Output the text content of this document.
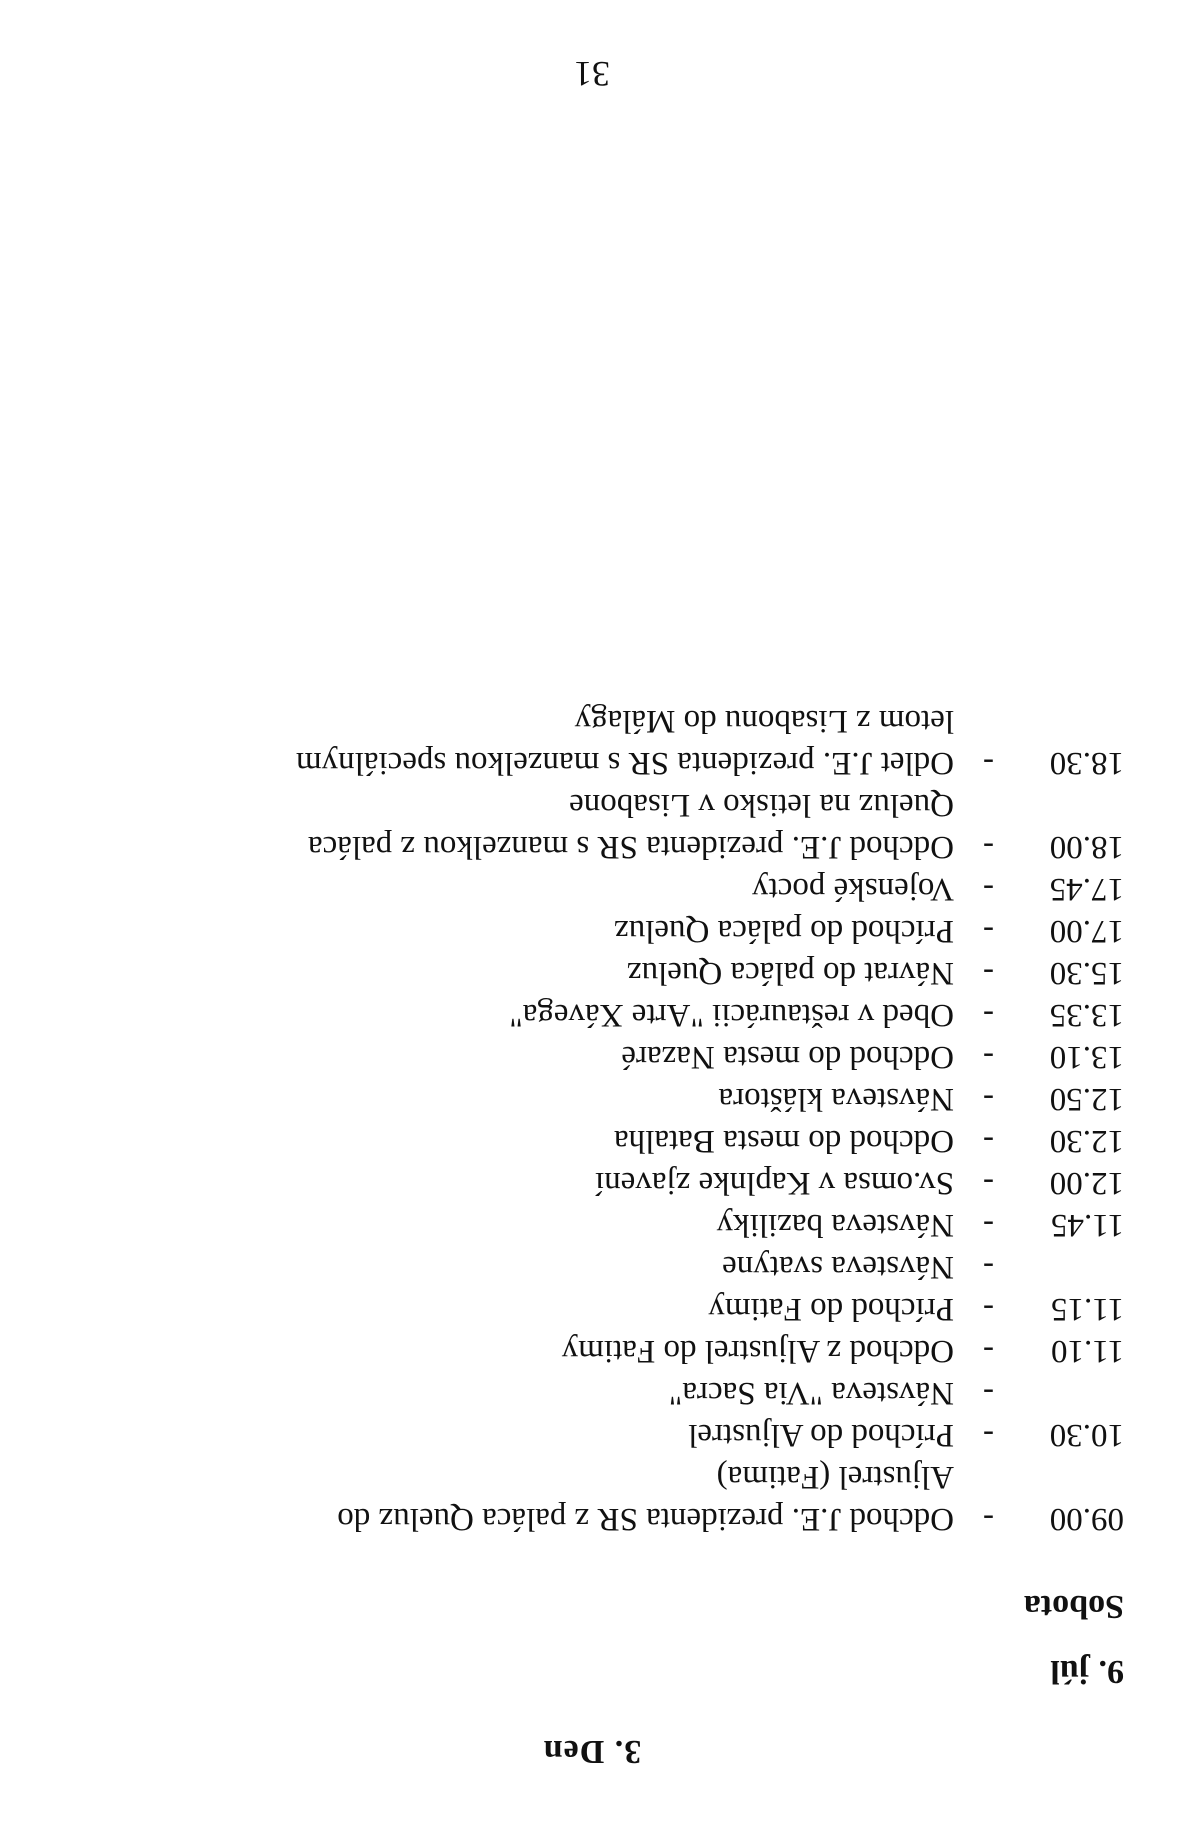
3. Den
9. júl
Sobota
09.00
-
Odchod J.E. prezidenta SR z paláca Queluz do
Aljustrel (Fatima)
10.30
-
Príchod do Aljustrel
-
Návsteva "Via Sacra"
11.10
-
Odchod z Aljustrel do Fatimy
11.15
-
Príchod do Fatimy
-
Návsteva svatyne
11.45
-
Návsteva baziliky
12.00
-
Sv.omsa v Kaplnke zjavení
12.30
-
Odchod do mesta Batalha
12.50
-
Návsteva kláštora
13.10
-
Odchod do mesta Nazaré
13.35
-
Obed v reštaurácii "Arte Xávega"
15.30
-
Návrat do paláca Queluz
17.00
-
Príchod do paláca Queluz
17.45
-
Vojenské pocty
18.00
-
Odchod J.E. prezidenta SR s manzelkou z paláca
Queluz na letisko v Lisabone
18.30
-
Odlet J.E. prezidenta SR s manzelkou speciálnym
letom z Lisabonu do Málagy
31
